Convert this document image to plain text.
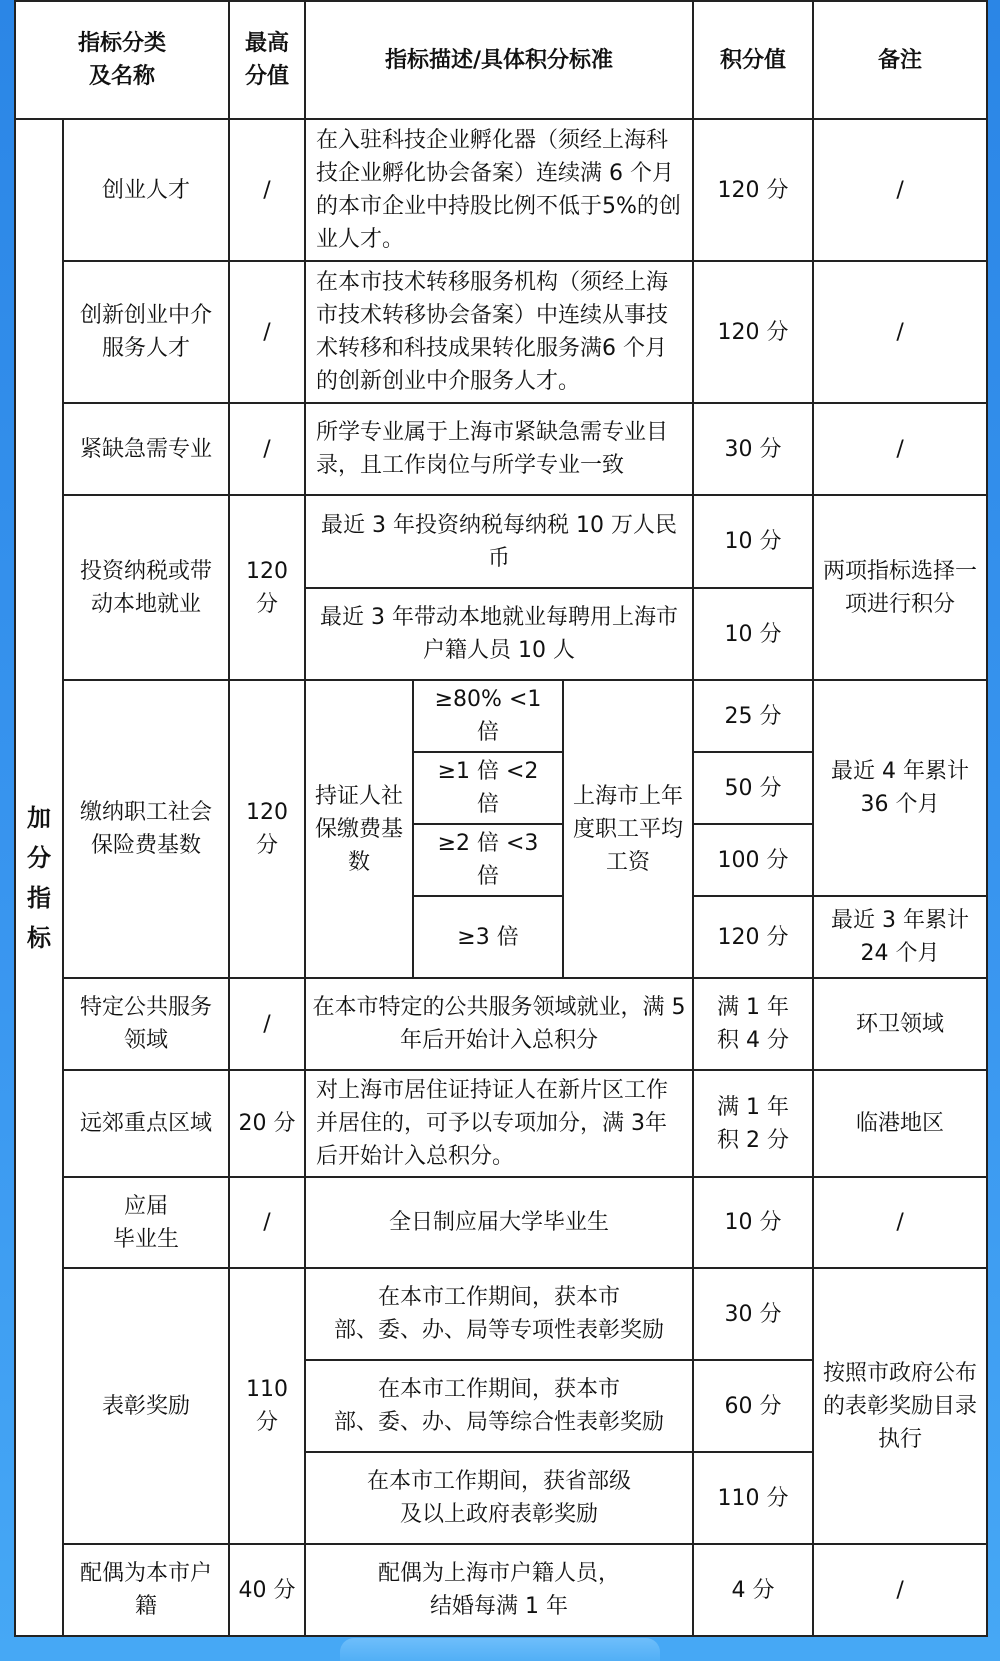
指标分类
及名称		最高
分值	指标描述/具体积分标准			积分值	备注
加
分
指
标	创业人才	/	在入驻科技企业孵化器（须经上海科技企业孵化协会备案）连续满 6 个月的本市企业中持股比例不低于5%的创业人才。			120 分	/
	创新创业中介服务人才	/	在本市技术转移服务机构（须经上海市技术转移协会备案）中连续从事技术转移和科技成果转化服务满6 个月的创新创业中介服务人才。			120 分	/
	紧缺急需专业	/	所学专业属于上海市紧缺急需专业目录，且工作岗位与所学专业一致			30 分	/
	投资纳税或带动本地就业	120
分	最近 3 年投资纳税每纳税 10 万人民币			10 分	两项指标选择一项进行积分
			最近 3 年带动本地就业每聘用上海市户籍人员 10 人			10 分	
	缴纳职工社会保险费基数	120
分	持证人社保缴费基数	≥80% <1
倍	上海市上年度职工平均工资	25 分	最近 4 年累计 36 个月
				≥1 倍 <2
倍		50 分	
				≥2 倍 <3
倍		100 分	
				≥3 倍		120 分	最近 3 年累计 24 个月
	特定公共服务领域	/	在本市特定的公共服务领域就业，满 5 年后开始计入总积分			满 1 年
积 4 分	环卫领域
	远郊重点区域	20 分	对上海市居住证持证人在新片区工作并居住的，可予以专项加分，满 3年后开始计入总积分。			满 1 年
积 2 分	临港地区
	应届
毕业生	/	全日制应届大学毕业生			10 分	/
	表彰奖励	110
分	在本市工作期间，获本市
部、委、办、局等专项性表彰奖励			30 分	按照市政府公布的表彰奖励目录执行
			在本市工作期间，获本市
部、委、办、局等综合性表彰奖励			60 分	
			在本市工作期间，获省部级
及以上政府表彰奖励			110 分	
	配偶为本市户籍	40 分	配偶为上海市户籍人员，
结婚每满 1 年			4 分	/
